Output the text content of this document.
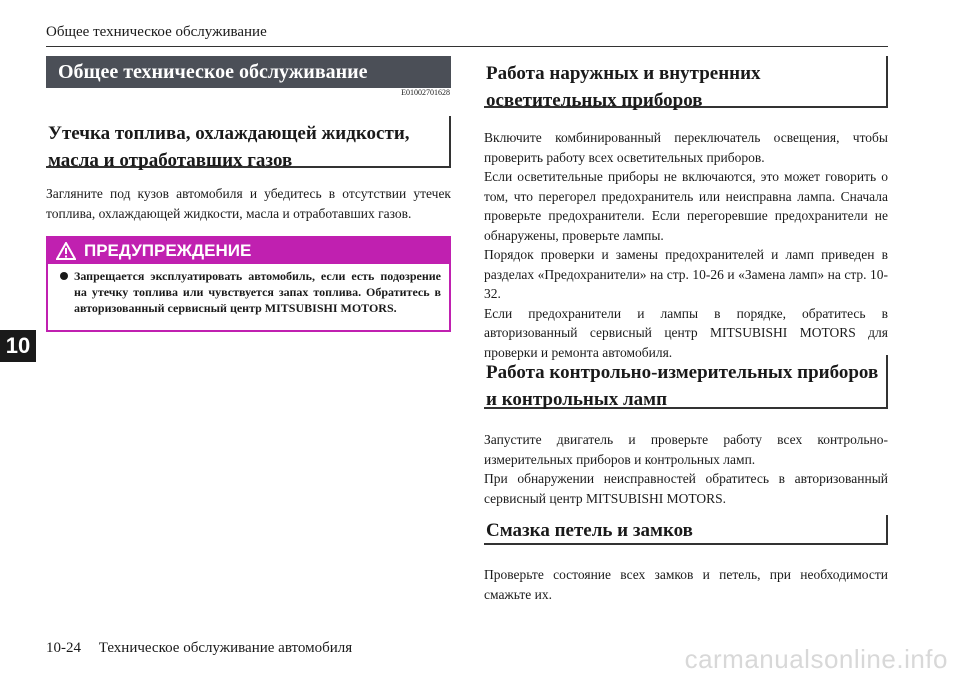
Общее техническое обслуживание
10
Общее техническое обслуживание
E01002701628
Утечка топлива, охлаждающей жидкости, масла и отработавших газов
Загляните под кузов автомобиля и убедитесь в отсутствии утечек топлива, охлаждающей жидкости, масла и отработавших газов.
ПРЕДУПРЕЖДЕНИЕ
Запрещается эксплуатировать автомобиль, если есть подозрение на утечку топлива или чувствуется запах топлива. Обратитесь в авторизованный сервисный центр MITSUBISHI MOTORS.
Работа наружных и внутренних осветительных приборов
Включите комбинированный переключатель освещения, чтобы проверить работу всех осветительных приборов.
Если осветительные приборы не включаются, это может говорить о том, что перегорел предохранитель или неисправна лампа. Сначала проверьте предохранители. Если перегоревшие предохранители не обнаружены, проверьте лампы.
Порядок проверки и замены предохранителей и ламп приведен в разделах «Предохранители» на стр. 10-26 и «Замена ламп» на стр. 10-32.
Если предохранители и лампы в порядке, обратитесь в авторизованный сервисный центр MITSUBISHI MOTORS для проверки и ремонта автомобиля.
Работа контрольно-измерительных приборов и контрольных ламп
Запустите двигатель и проверьте работу всех контрольно-измерительных приборов и контрольных ламп.
При обнаружении неисправностей обратитесь в авторизованный сервисный центр MITSUBISHI MOTORS.
Смазка петель и замков
Проверьте состояние всех замков и петель, при необходимости смажьте их.
10-24 Техническое обслуживание автомобиля	carmanualsonline.info
